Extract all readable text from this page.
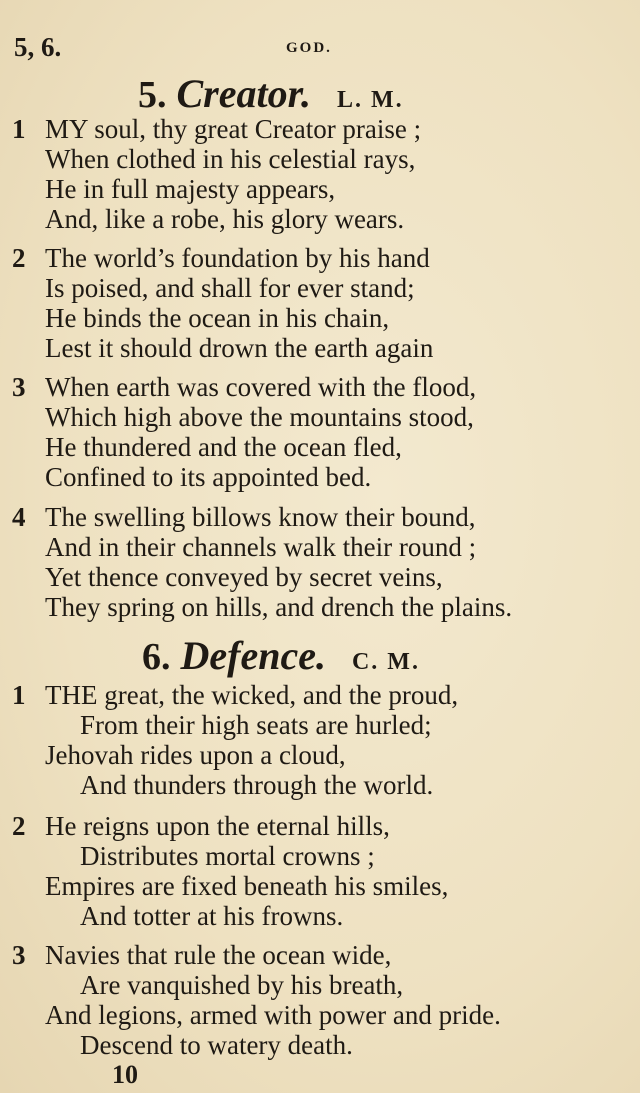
5, 6.	GOD.
5. Creator. L. M.
1 MY soul, thy great Creator praise ;
When clothed in his celestial rays,
He in full majesty appears,
And, like a robe, his glory wears.
2 The world’s foundation by his hand
Is poised, and shall for ever stand;
He binds the ocean in his chain,
Lest it should drown the earth again
3 When earth was covered with the flood,
Which high above the mountains stood,
He thundered and the ocean fled,
Confined to its appointed bed.
4 The swelling billows know their bound,
And in their channels walk their round ;
Yet thence conveyed by secret veins,
They spring on hills, and drench the plains.
6. Defence. C. M.
1 THE great, the wicked, and the proud,
From their high seats are hurled;
Jehovah rides upon a cloud,
And thunders through the world.
2 He reigns upon the eternal hills,
Distributes mortal crowns ;
Empires are fixed beneath his smiles,
And totter at his frowns.
3 Navies that rule the ocean wide,
Are vanquished by his breath,
And legions, armed with power and pride.
Descend to watery death.
10
